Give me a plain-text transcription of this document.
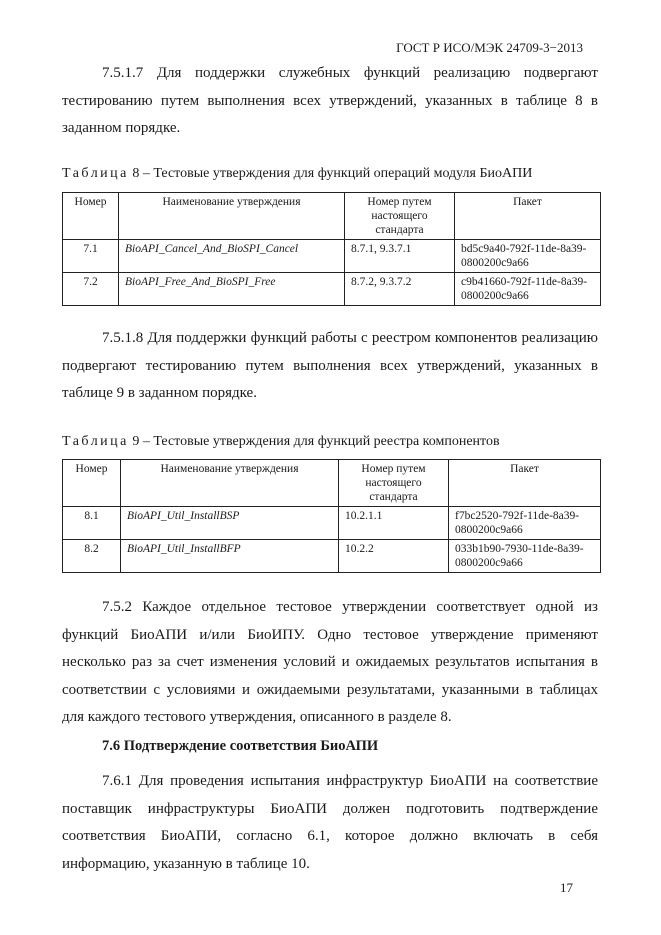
ГОСТ Р ИСО/МЭК 24709-3−2013

7.5.1.7 Для поддержки служебных функций реализацию подвергают тестированию путем выполнения всех утверждений, указанных в таблице 8 в заданном порядке.

Таблица 8 – Тестовые утверждения для функций операций модуля БиоАПИ
Номер	Наименование утверждения	Номер путем настоящего стандарта	Пакет
7.1	BioAPI_Cancel_And_BioSPI_Cancel	8.7.1, 9.3.7.1	bd5c9a40-792f-11de-8a39-0800200c9a66
7.2	BioAPI_Free_And_BioSPI_Free	8.7.2, 9.3.7.2	c9b41660-792f-11de-8a39-0800200c9a66

7.5.1.8 Для поддержки функций работы с реестром компонентов реализацию подвергают тестированию путем выполнения всех утверждений, указанных в таблице 9 в заданном порядке.

Таблица 9 – Тестовые утверждения для функций реестра компонентов
Номер	Наименование утверждения	Номер путем настоящего стандарта	Пакет
8.1	BioAPI_Util_InstallBSP	10.2.1.1	f7bc2520-792f-11de-8a39-0800200c9a66
8.2	BioAPI_Util_InstallBFP	10.2.2	033b1b90-7930-11de-8a39-0800200c9a66

7.5.2 Каждое отдельное тестовое утверждении соответствует одной из функций БиоАПИ и/или БиоИПУ. Одно тестовое утверждение применяют несколько раз за счет изменения условий и ожидаемых результатов испытания в соответствии с условиями и ожидаемыми результатами, указанными в таблицах для каждого тестового утверждения, описанного в разделе 8.

7.6 Подтверждение соответствия БиоАПИ

7.6.1 Для проведения испытания инфраструктур БиоАПИ на соответствие поставщик инфраструктуры БиоАПИ должен подготовить подтверждение соответствия БиоАПИ, согласно 6.1, которое должно включать в себя информацию, указанную в таблице 10.

17
